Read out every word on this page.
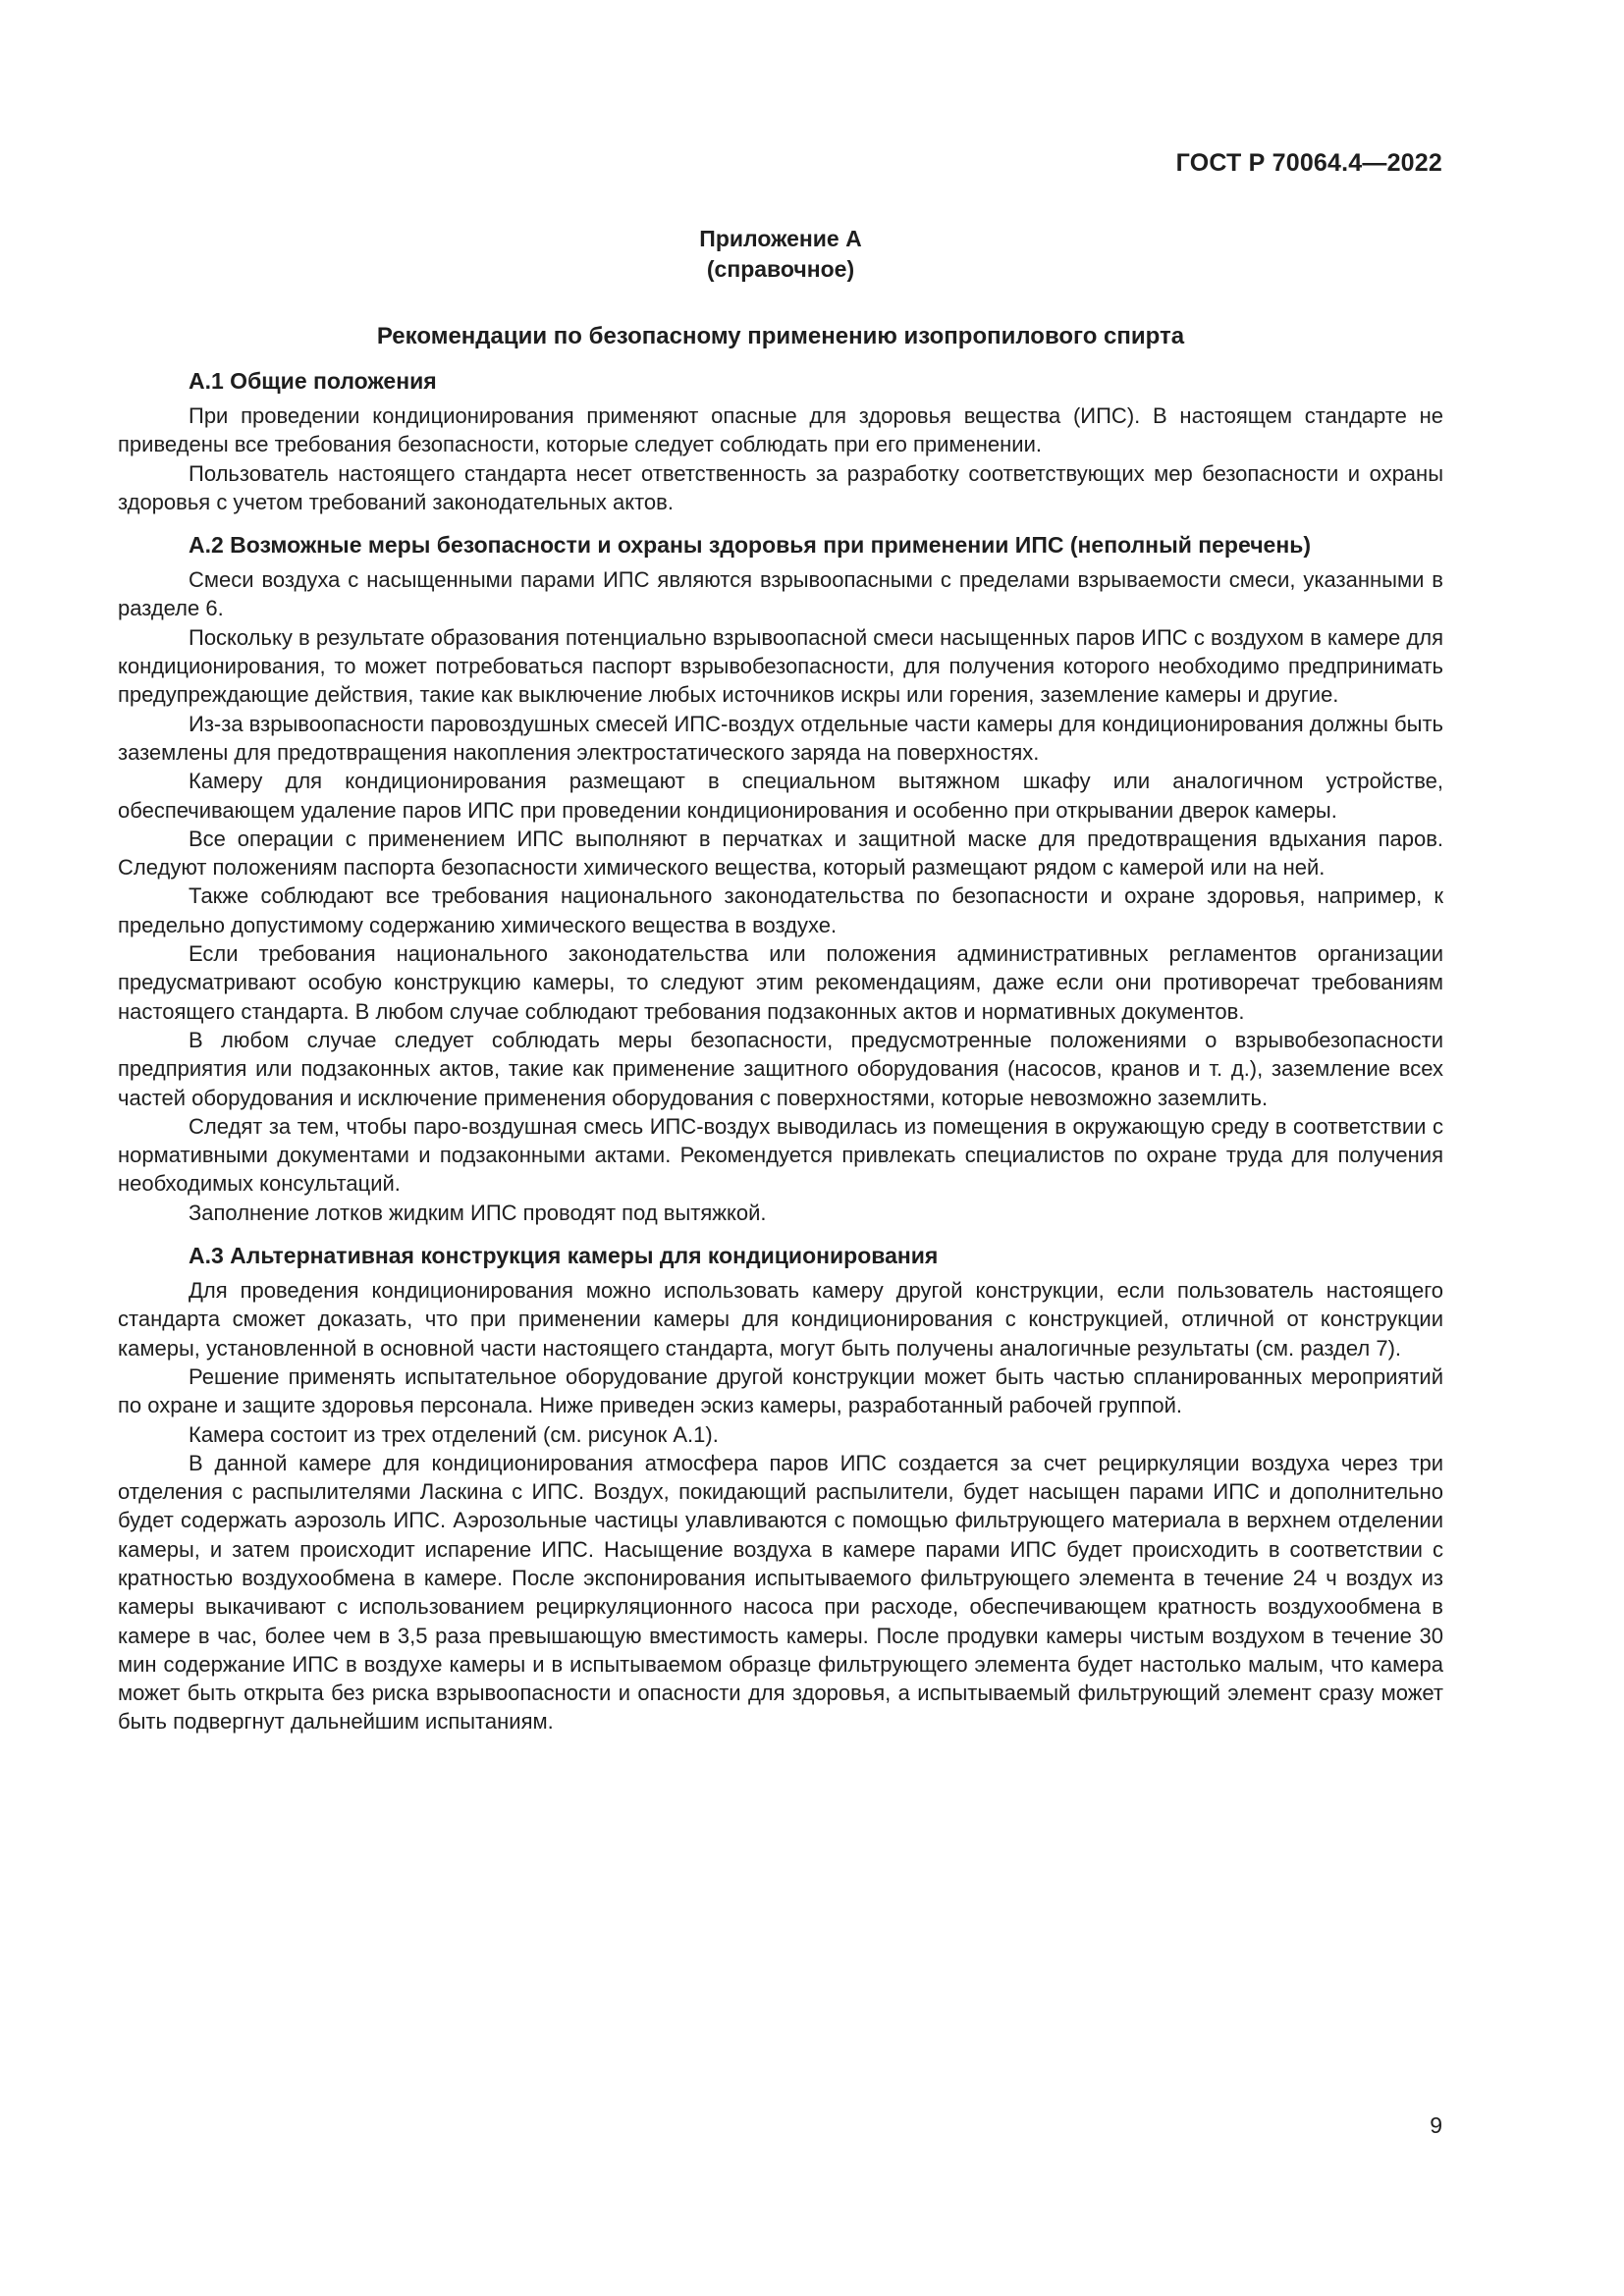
ГОСТ Р 70064.4—2022
Приложение А
(справочное)
Рекомендации по безопасному применению изопропилового спирта
А.1 Общие положения

При проведении кондиционирования применяют опасные для здоровья вещества (ИПС). В настоящем стандарте не приведены все требования безопасности, которые следует соблюдать при его применении.

Пользователь настоящего стандарта несет ответственность за разработку соответствующих мер безопасности и охраны здоровья с учетом требований законодательных актов.

А.2 Возможные меры безопасности и охраны здоровья при применении ИПС (неполный перечень)

Смеси воздуха с насыщенными парами ИПС являются взрывоопасными с пределами взрываемости смеси, указанными в разделе 6.

Поскольку в результате образования потенциально взрывоопасной смеси насыщенных паров ИПС с воздухом в камере для кондиционирования, то может потребоваться паспорт взрывобезопасности, для получения которого необходимо предпринимать предупреждающие действия, такие как выключение любых источников искры или горения, заземление камеры и другие.

Из-за взрывоопасности паровоздушных смесей ИПС-воздух отдельные части камеры для кондиционирования должны быть заземлены для предотвращения накопления электростатического заряда на поверхностях.

Камеру для кондиционирования размещают в специальном вытяжном шкафу или аналогичном устройстве, обеспечивающем удаление паров ИПС при проведении кондиционирования и особенно при открывании дверок камеры.

Все операции с применением ИПС выполняют в перчатках и защитной маске для предотвращения вдыхания паров. Следуют положениям паспорта безопасности химического вещества, который размещают рядом с камерой или на ней.

Также соблюдают все требования национального законодательства по безопасности и охране здоровья, например, к предельно допустимому содержанию химического вещества в воздухе.

Если требования национального законодательства или положения административных регламентов организации предусматривают особую конструкцию камеры, то следуют этим рекомендациям, даже если они противоречат требованиям настоящего стандарта. В любом случае соблюдают требования подзаконных актов и нормативных документов.

В любом случае следует соблюдать меры безопасности, предусмотренные положениями о взрывобезопасности предприятия или подзаконных актов, такие как применение защитного оборудования (насосов, кранов и т. д.), заземление всех частей оборудования и исключение применения оборудования с поверхностями, которые невозможно заземлить.

Следят за тем, чтобы паро-воздушная смесь ИПС-воздух выводилась из помещения в окружающую среду в соответствии с нормативными документами и подзаконными актами. Рекомендуется привлекать специалистов по охране труда для получения необходимых консультаций.

Заполнение лотков жидким ИПС проводят под вытяжкой.

А.3 Альтернативная конструкция камеры для кондиционирования

Для проведения кондиционирования можно использовать камеру другой конструкции, если пользователь настоящего стандарта сможет доказать, что при применении камеры для кондиционирования с конструкцией, отличной от конструкции камеры, установленной в основной части настоящего стандарта, могут быть получены аналогичные результаты (см. раздел 7).

Решение применять испытательное оборудование другой конструкции может быть частью спланированных мероприятий по охране и защите здоровья персонала. Ниже приведен эскиз камеры, разработанный рабочей группой.

Камера состоит из трех отделений (см. рисунок А.1).

В данной камере для кондиционирования атмосфера паров ИПС создается за счет рециркуляции воздуха через три отделения с распылителями Ласкина с ИПС. Воздух, покидающий распылители, будет насыщен парами ИПС и дополнительно будет содержать аэрозоль ИПС. Аэрозольные частицы улавливаются с помощью фильтрующего материала в верхнем отделении камеры, и затем происходит испарение ИПС. Насыщение воздуха в камере парами ИПС будет происходить в соответствии с кратностью воздухообмена в камере. После экспонирования испытываемого фильтрующего элемента в течение 24 ч воздух из камеры выкачивают с использованием рециркуляционного насоса при расходе, обеспечивающем кратность воздухообмена в камере в час, более чем в 3,5 раза превышающую вместимость камеры. После продувки камеры чистым воздухом в течение 30 мин содержание ИПС в воздухе камеры и в испытываемом образце фильтрующего элемента будет настолько малым, что камера может быть открыта без риска взрывоопасности и опасности для здоровья, а испытываемый фильтрующий элемент сразу может быть подвергнут дальнейшим испытаниям.

9
